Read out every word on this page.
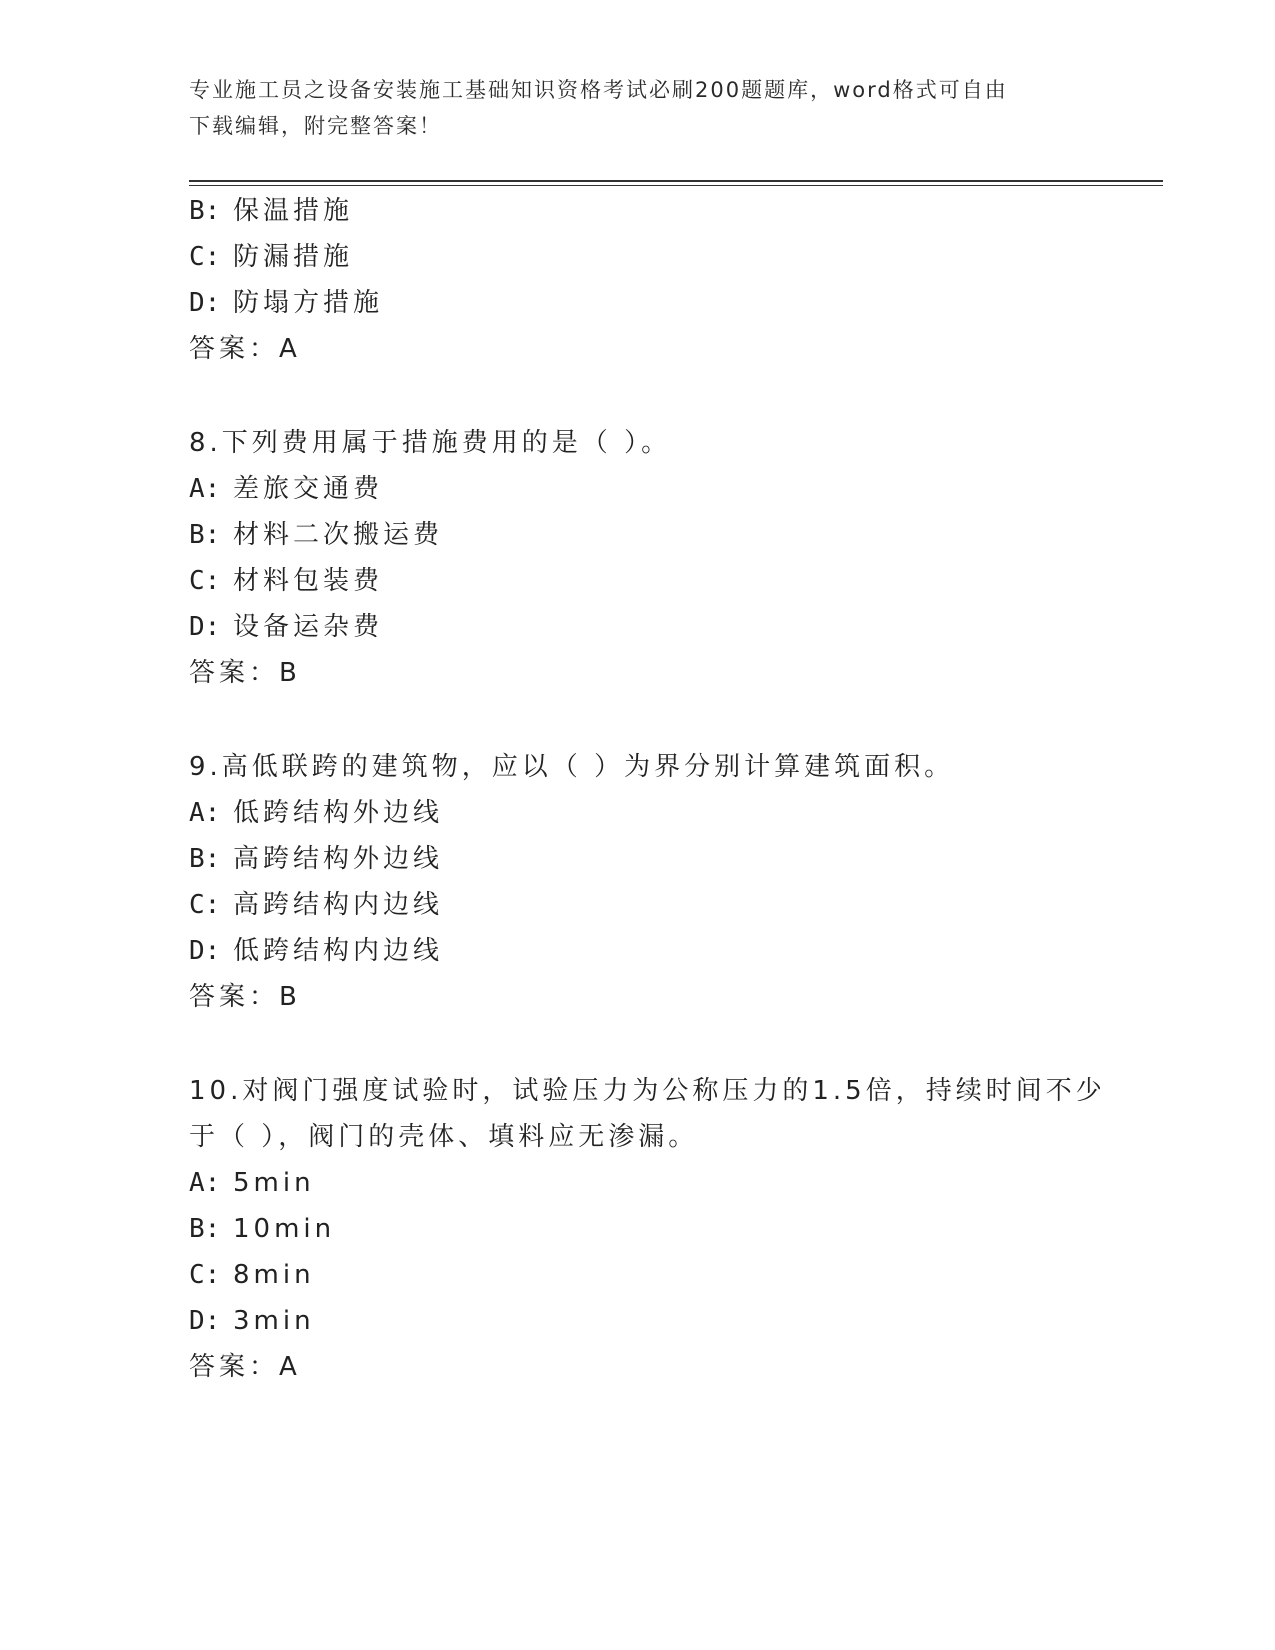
专业施工员之设备安装施工基础知识资格考试必刷200题题库，word格式可自由
下载编辑，附完整答案！
B: 保温措施
C: 防漏措施
D: 防塌方措施
答案：A
8.下列费用属于措施费用的是（ ）。
A: 差旅交通费
B: 材料二次搬运费
C: 材料包装费
D: 设备运杂费
答案：B
9.高低联跨的建筑物，应以（ ）为界分别计算建筑面积。
A: 低跨结构外边线
B: 高跨结构外边线
C: 高跨结构内边线
D: 低跨结构内边线
答案：B
10.对阀门强度试验时，试验压力为公称压力的1.5倍，持续时间不少
于（ ），阀门的壳体、填料应无渗漏。
A: 5min
B: 10min
C: 8min
D: 3min
答案：A
